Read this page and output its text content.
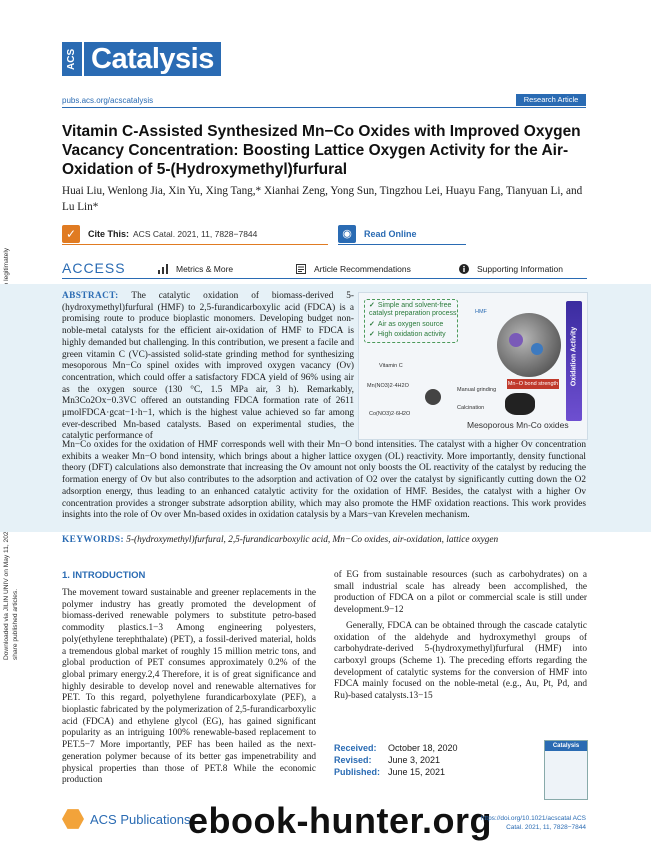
Downloaded via JILIN UNIV on May 11, 2024 legitimately share published articles.
ACS Catalysis
pubs.acs.org/acscatalysis	Research Article
Vitamin C-Assisted Synthesized Mn−Co Oxides with Improved Oxygen Vacancy Concentration: Boosting Lattice Oxygen Activity for the Air-Oxidation of 5-(Hydroxymethyl)furfural
Huai Liu, Wenlong Jia, Xin Yu, Xing Tang,* Xianhai Zeng, Yong Sun, Tingzhou Lei, Huayu Fang, Tianyuan Li, and Lu Lin*
✓	Cite This: ACS Catal. 2021, 11, 7828−7844	◉	Read Online
ACCESS	Metrics & More	Article Recommendations	Supporting Information
ABSTRACT: The catalytic oxidation of biomass-derived 5-(hydroxymethyl)furfural (HMF) to 2,5-furandicarboxylic acid (FDCA) is a promising route to produce bioplastic monomers. Developing budget non-noble-metal catalysts for the efficient air-oxidation of HMF to FDCA is highly demanded but challenging. In this contribution, we present a facile and green vitamin C (VC)-assisted solid-state grinding method for synthesizing mesoporous Mn−Co spinel oxides with improved oxygen vacancy (Ov) concentration, which could offer a satisfactory FDCA yield of 96% using air as the oxygen source (130 °C, 1.5 MPa air, 3 h). Remarkably, Mn3Co2Ox−0.3VC offered an outstanding FDCA formation rate of 2611 μmolFDCA·gcat−1·h−1, which is the highest value achieved so far among ever-described Mn-based catalysts. Based on experimental studies, the catalytic performance of
✓ Simple and solvent-free catalyst preparation process
✓ Air as oxygen source
✓ High oxidation activity
Mn−O bond strength Oxidation Activity
Vitamin C
Mn(NO3)2·4H2O
Co(NO3)2·6H2O
Manual grinding
Calcination
HMF
Mesoporous Mn-Co oxides
Mn−Co oxides for the oxidation of HMF corresponds well with their Mn−O bond intensities. The catalyst with a higher Ov concentration exhibits a weaker Mn−O bond intensity, which brings about a higher lattice oxygen (OL) reactivity. More importantly, density functional theory (DFT) calculations also demonstrate that increasing the Ov amount not only boosts the OL reactivity of the catalyst by reducing the formation energy of Ov but also contributes to the adsorption and activation of O2 over the catalyst by significantly cutting down the O2 adsorption energy, thus leading to an enhanced catalytic activity for the oxidation of HMF. Besides, the catalyst with a higher Ov concentration provides a stronger substrate adsorption ability, which may also promote the HMF oxidation reactions. This work provides insights into the role of Ov over Mn-based oxides in oxidation catalysis by a Mars−van Krevelen mechanism.
KEYWORDS: 5-(hydroxymethyl)furfural, 2,5-furandicarboxylic acid, Mn−Co oxides, air-oxidation, lattice oxygen
1. INTRODUCTION
The movement toward sustainable and greener replacements in the polymer industry has greatly promoted the development of biomass-derived renewable polymers to substitute petro-based commodity plastics.1−3 Among engineering polyesters, poly(ethylene terephthalate) (PET), a fossil-derived material, holds a tremendous global market of roughly 15 million metric tons, and global production of PET consumes approximately 0.2% of the global primary energy.2,4 Therefore, it is of great significance and highly desirable to develop novel and renewable alternatives for PET. To this regard, polyethylene furandicarboxylate (PEF), a bioplastic fabricated by the polymerization of 2,5-furandicarboxylic acid (FDCA) and ethylene glycol (EG), has gained significant popularity as an intriguing 100% renewable-based replacement to PET.5−7 More importantly, PEF has been hailed as the next-generation polymer because of its better gas impenetrability and physical properties than those of PET.8 While the economic production
of EG from sustainable resources (such as carbohydrates) on a small industrial scale has already been accomplished, the production of FDCA on a pilot or commercial scale is still under development.9−12
Generally, FDCA can be obtained through the cascade catalytic oxidation of the aldehyde and hydroxymethyl groups of carbohydrate-derived 5-(hydroxymethyl)furfural (HMF) into carboxyl groups (Scheme 1). The preceding efforts regarding the development of catalytic systems for the conversion of HMF into FDCA mainly focused on the noble-metal (e.g., Au, Pt, Pd, and Ru)-based catalysts.13−15
Received: October 18, 2020
Revised: June 3, 2021
Published: June 15, 2021
Catalysis
ACS Publications
ebook-hunter.org
https://doi.org/10.1021/acscatal ACS Catal. 2021, 11, 7828−7844
